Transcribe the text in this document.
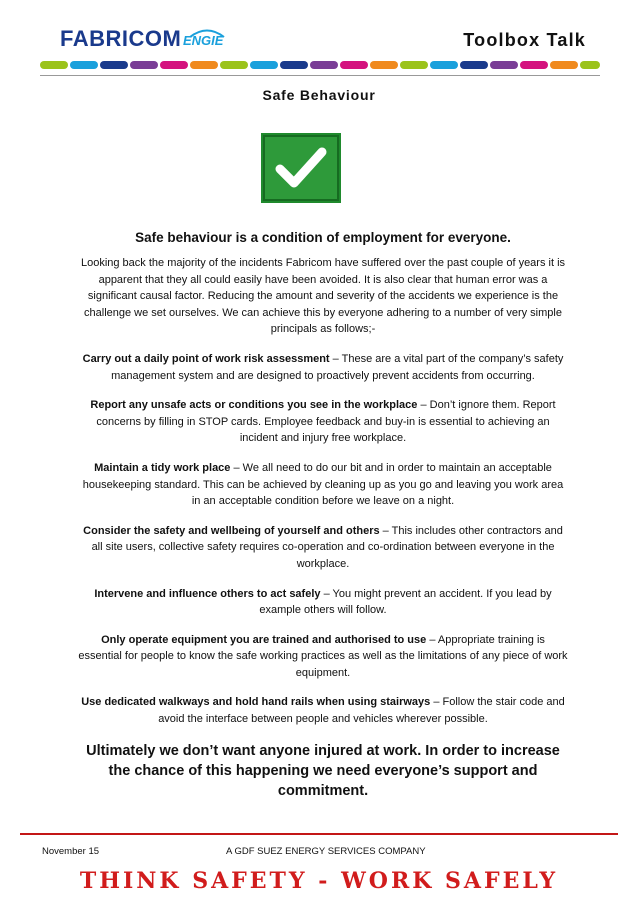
FABRICOM ENGIE	Toolbox Talk
Safe Behaviour

Safe behaviour is a condition of employment for everyone.

Looking back the majority of the incidents Fabricom have suffered over the past couple of years it is apparent that they all could easily have been avoided. It is also clear that human error was a significant causal factor. Reducing the amount and severity of the accidents we experience is the challenge we set ourselves. We can achieve this by everyone adhering to a number of very simple principals as follows;-

Carry out a daily point of work risk assessment – These are a vital part of the company’s safety management system and are designed to proactively prevent accidents from occurring.

Report any unsafe acts or conditions you see in the workplace – Don’t ignore them. Report concerns by filling in STOP cards. Employee feedback and buy-in is essential to achieving an incident and injury free workplace.

Maintain a tidy work place – We all need to do our bit and in order to maintain an acceptable housekeeping standard. This can be achieved by cleaning up as you go and leaving you work area in an acceptable condition before we leave on a night.

Consider the safety and wellbeing of yourself and others – This includes other contractors and all site users, collective safety requires co-operation and co-ordination between everyone in the workplace.

Intervene and influence others to act safely – You might prevent an accident. If you lead by example others will follow.

Only operate equipment you are trained and authorised to use – Appropriate training is essential for people to know the safe working practices as well as the limitations of any piece of work equipment.

Use dedicated walkways and hold hand rails when using stairways – Follow the stair code and avoid the interface between people and vehicles wherever possible.

Ultimately we don’t want anyone injured at work. In order to increase the chance of this happening we need everyone’s support and commitment.

November 15	A GDF SUEZ ENERGY SERVICES COMPANY
THINK SAFETY - WORK SAFELY
